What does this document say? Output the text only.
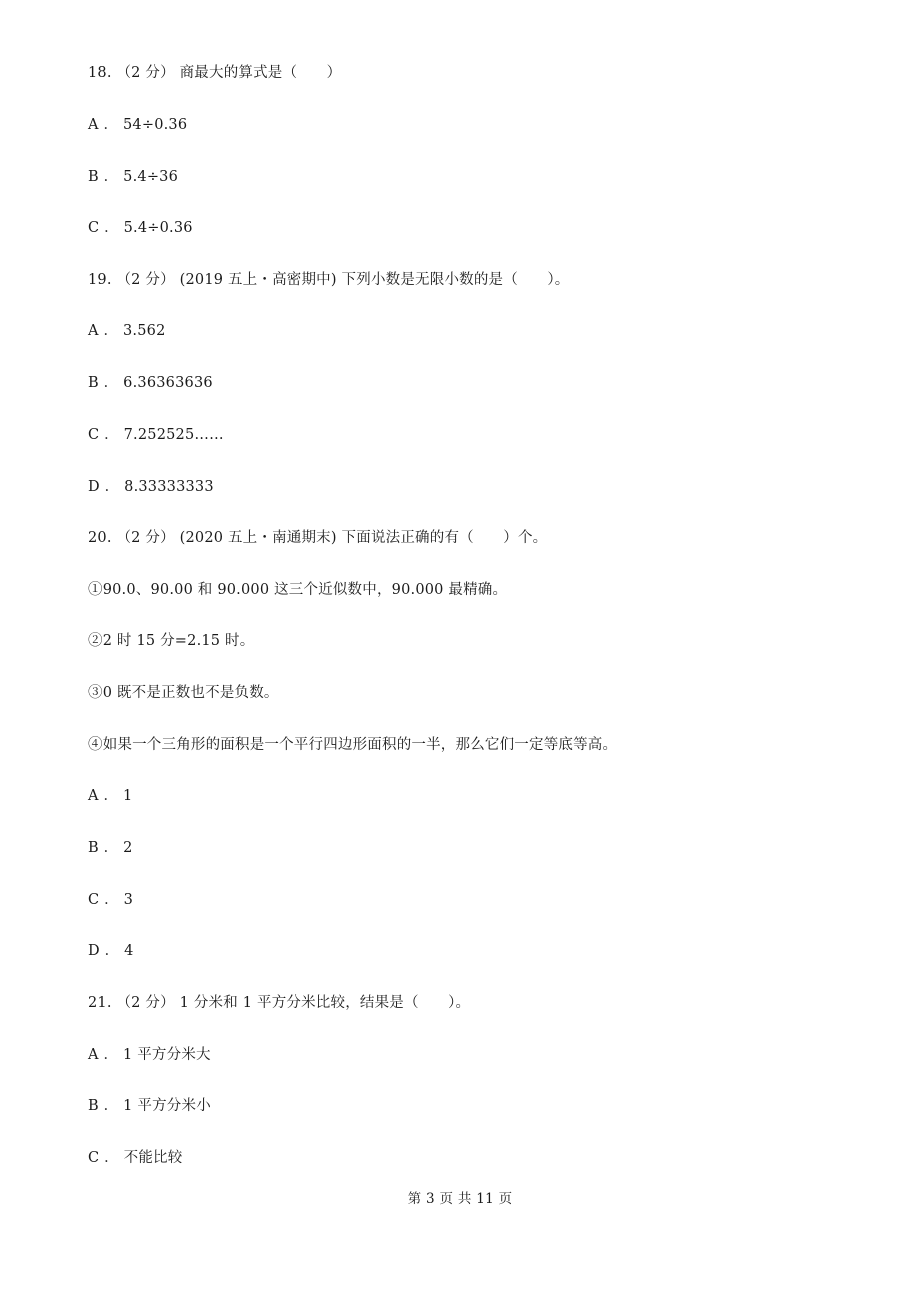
18. （2 分） 商最大的算式是（　　）
A ． 54÷0.36
B ． 5.4÷36
C ． 5.4÷0.36
19. （2 分） (2019 五上・高密期中) 下列小数是无限小数的是（　　）。
A ． 3.562
B ． 6.36363636
C ． 7.252525……
D ． 8.33333333
20. （2 分） (2020 五上・南通期末) 下面说法正确的有（　　）个。
①90.0、90.00 和 90.000 这三个近似数中，90.000 最精确。
②2 时 15 分=2.15 时。
③0 既不是正数也不是负数。
④如果一个三角形的面积是一个平行四边形面积的一半，那么它们一定等底等高。
A ． 1
B ． 2
C ． 3
D ． 4
21. （2 分） 1 分米和 1 平方分米比较，结果是（　　）。
A ． 1 平方分米大
B ． 1 平方分米小
C ． 不能比较
第 3 页 共 11 页
